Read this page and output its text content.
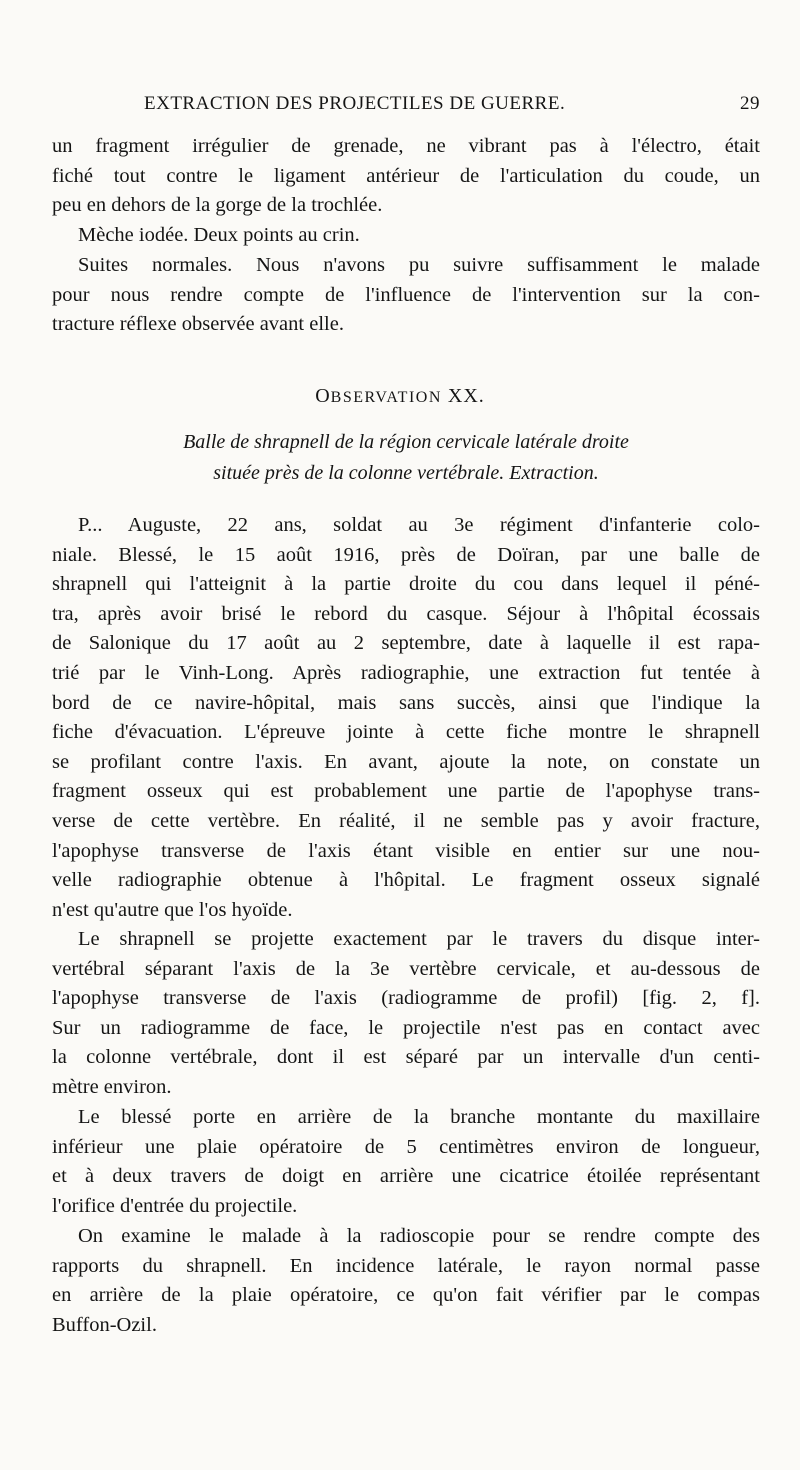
EXTRACTION DES PROJECTILES DE GUERRE.	29
un fragment irrégulier de grenade, ne vibrant pas à l'électro, était
fiché tout contre le ligament antérieur de l'articulation du coude, un
peu en dehors de la gorge de la trochlée.
Mèche iodée. Deux points au crin.
Suites normales. Nous n'avons pu suivre suffisamment le malade
pour nous rendre compte de l'influence de l'intervention sur la con-
tracture réflexe observée avant elle.
OBSERVATION XX.
Balle de shrapnell de la région cervicale latérale droite
située près de la colonne vertébrale. Extraction.
P... Auguste, 22 ans, soldat au 3e régiment d'infanterie colo-
niale. Blessé, le 15 août 1916, près de Doïran, par une balle de
shrapnell qui l'atteignit à la partie droite du cou dans lequel il péné-
tra, après avoir brisé le rebord du casque. Séjour à l'hôpital écossais
de Salonique du 17 août au 2 septembre, date à laquelle il est rapa-
trié par le Vinh-Long. Après radiographie, une extraction fut tentée à
bord de ce navire-hôpital, mais sans succès, ainsi que l'indique la
fiche d'évacuation. L'épreuve jointe à cette fiche montre le shrapnell
se profilant contre l'axis. En avant, ajoute la note, on constate un
fragment osseux qui est probablement une partie de l'apophyse trans-
verse de cette vertèbre. En réalité, il ne semble pas y avoir fracture,
l'apophyse transverse de l'axis étant visible en entier sur une nou-
velle radiographie obtenue à l'hôpital. Le fragment osseux signalé
n'est qu'autre que l'os hyoïde.
Le shrapnell se projette exactement par le travers du disque inter-
vertébral séparant l'axis de la 3e vertèbre cervicale, et au-dessous de
l'apophyse transverse de l'axis (radiogramme de profil) [fig. 2, f].
Sur un radiogramme de face, le projectile n'est pas en contact avec
la colonne vertébrale, dont il est séparé par un intervalle d'un centi-
mètre environ.
Le blessé porte en arrière de la branche montante du maxillaire
inférieur une plaie opératoire de 5 centimètres environ de longueur,
et à deux travers de doigt en arrière une cicatrice étoilée représentant
l'orifice d'entrée du projectile.
On examine le malade à la radioscopie pour se rendre compte des
rapports du shrapnell. En incidence latérale, le rayon normal passe
en arrière de la plaie opératoire, ce qu'on fait vérifier par le compas
Buffon-Ozil.
